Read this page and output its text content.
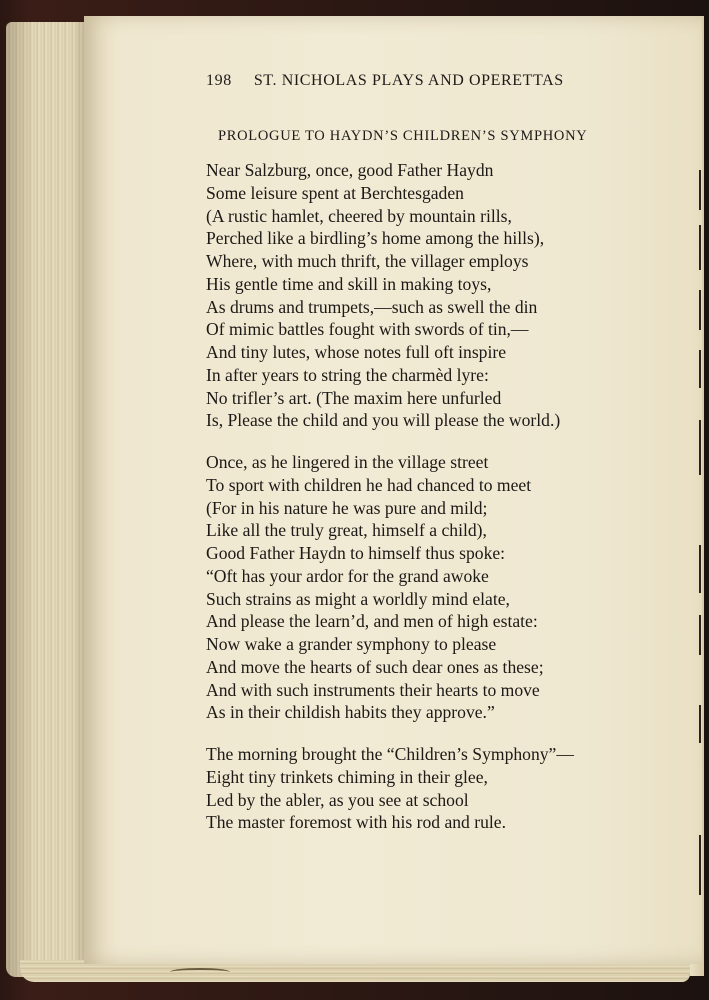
198 ST. NICHOLAS PLAYS AND OPERETTAS
PROLOGUE TO HAYDN’S CHILDREN’S SYMPHONY
Near Salzburg, once, good Father Haydn
Some leisure spent at Berchtesgaden
(A rustic hamlet, cheered by mountain rills,
Perched like a birdling’s home among the hills),
Where, with much thrift, the villager employs
His gentle time and skill in making toys,
As drums and trumpets,—such as swell the din
Of mimic battles fought with swords of tin,—
And tiny lutes, whose notes full oft inspire
In after years to string the charmèd lyre:
No trifler’s art. (The maxim here unfurled
Is, Please the child and you will please the world.)
Once, as he lingered in the village street
To sport with children he had chanced to meet
(For in his nature he was pure and mild;
Like all the truly great, himself a child),
Good Father Haydn to himself thus spoke:
“Oft has your ardor for the grand awoke
Such strains as might a worldly mind elate,
And please the learn’d, and men of high estate:
Now wake a grander symphony to please
And move the hearts of such dear ones as these;
And with such instruments their hearts to move
As in their childish habits they approve.”
The morning brought the “Children’s Symphony”—
Eight tiny trinkets chiming in their glee,
Led by the abler, as you see at school
The master foremost with his rod and rule.
